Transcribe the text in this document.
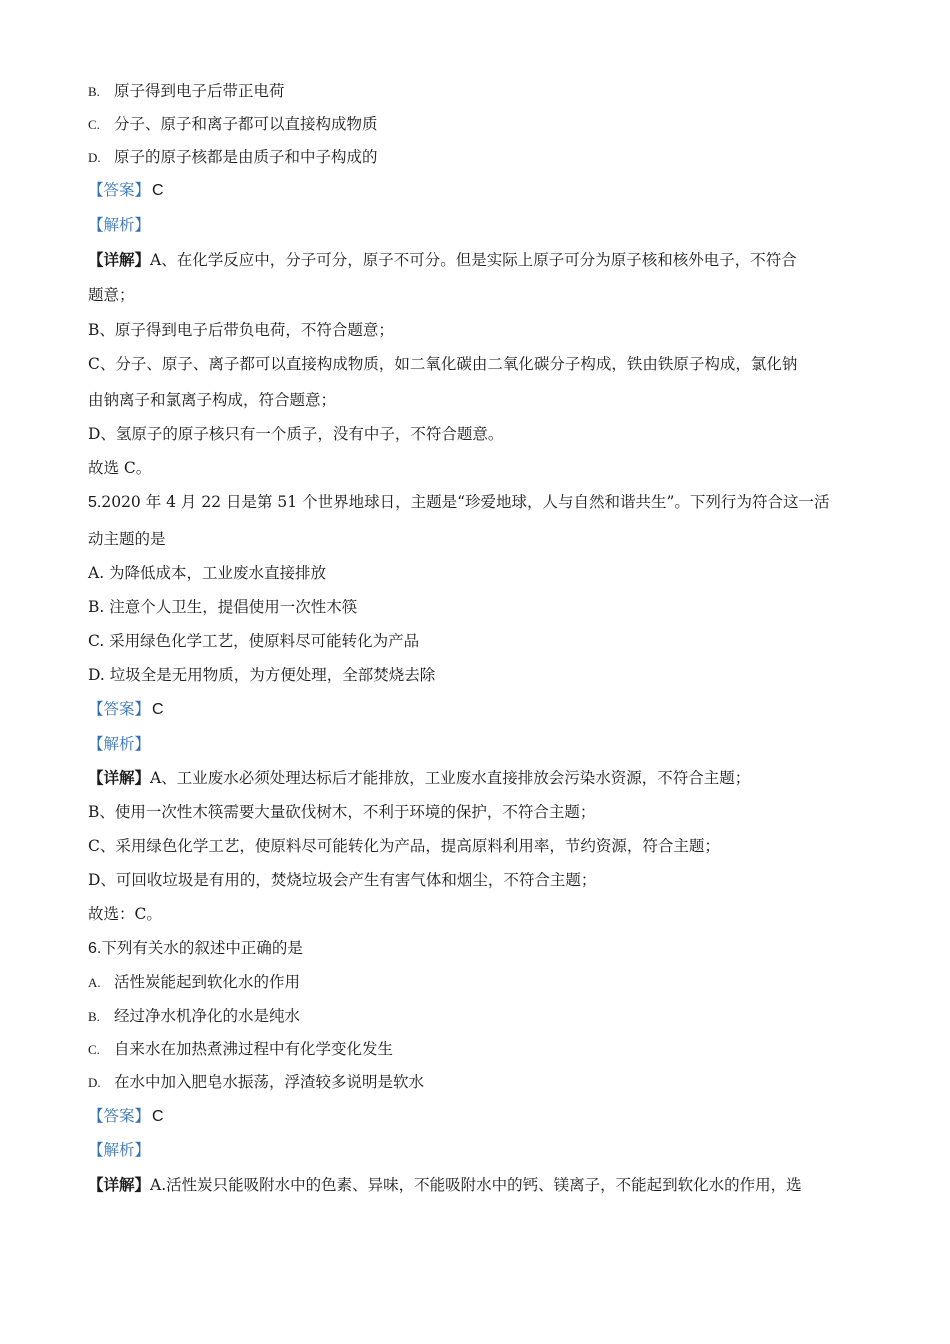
B. 原子得到电子后带正电荷
C. 分子、原子和离子都可以直接构成物质
D. 原子的原子核都是由质子和中子构成的
【答案】 C
【解析】
【详解】A、在化学反应中，分子可分，原子不可分。但是实际上原子可分为原子核和核外电子，不符合
题意；
B、原子得到电子后带负电荷，不符合题意；
C、分子、原子、离子都可以直接构成物质，如二氧化碳由二氧化碳分子构成，铁由铁原子构成，氯化钠
由钠离子和氯离子构成，符合题意；
D、氢原子的原子核只有一个质子，没有中子，不符合题意。
故选 C。
5.2020 年 4 月 22 日是第 51 个世界地球日，主题是“珍爱地球，人与自然和谐共生”。下列行为符合这一活
动主题的是
A. 为降低成本，工业废水直接排放
B. 注意个人卫生，提倡使用一次性木筷
C. 采用绿色化学工艺，使原料尽可能转化为产品
D. 垃圾全是无用物质，为方便处理，全部焚烧去除
【答案】 C
【解析】
【详解】A、工业废水必须处理达标后才能排放，工业废水直接排放会污染水资源，不符合主题；
B、使用一次性木筷需要大量砍伐树木，不利于环境的保护，不符合主题；
C、采用绿色化学工艺，使原料尽可能转化为产品，提高原料利用率，节约资源，符合主题；
D、可回收垃圾是有用的，焚烧垃圾会产生有害气体和烟尘，不符合主题；
故选：C。
6.下列有关水的叙述中正确的是
A. 活性炭能起到软化水的作用
B. 经过净水机净化的水是纯水
C. 自来水在加热煮沸过程中有化学变化发生
D. 在水中加入肥皂水振荡，浮渣较多说明是软水
【答案】 C
【解析】
【详解】A.活性炭只能吸附水中的色素、异味，不能吸附水中的钙、镁离子，不能起到软化水的作用，选
